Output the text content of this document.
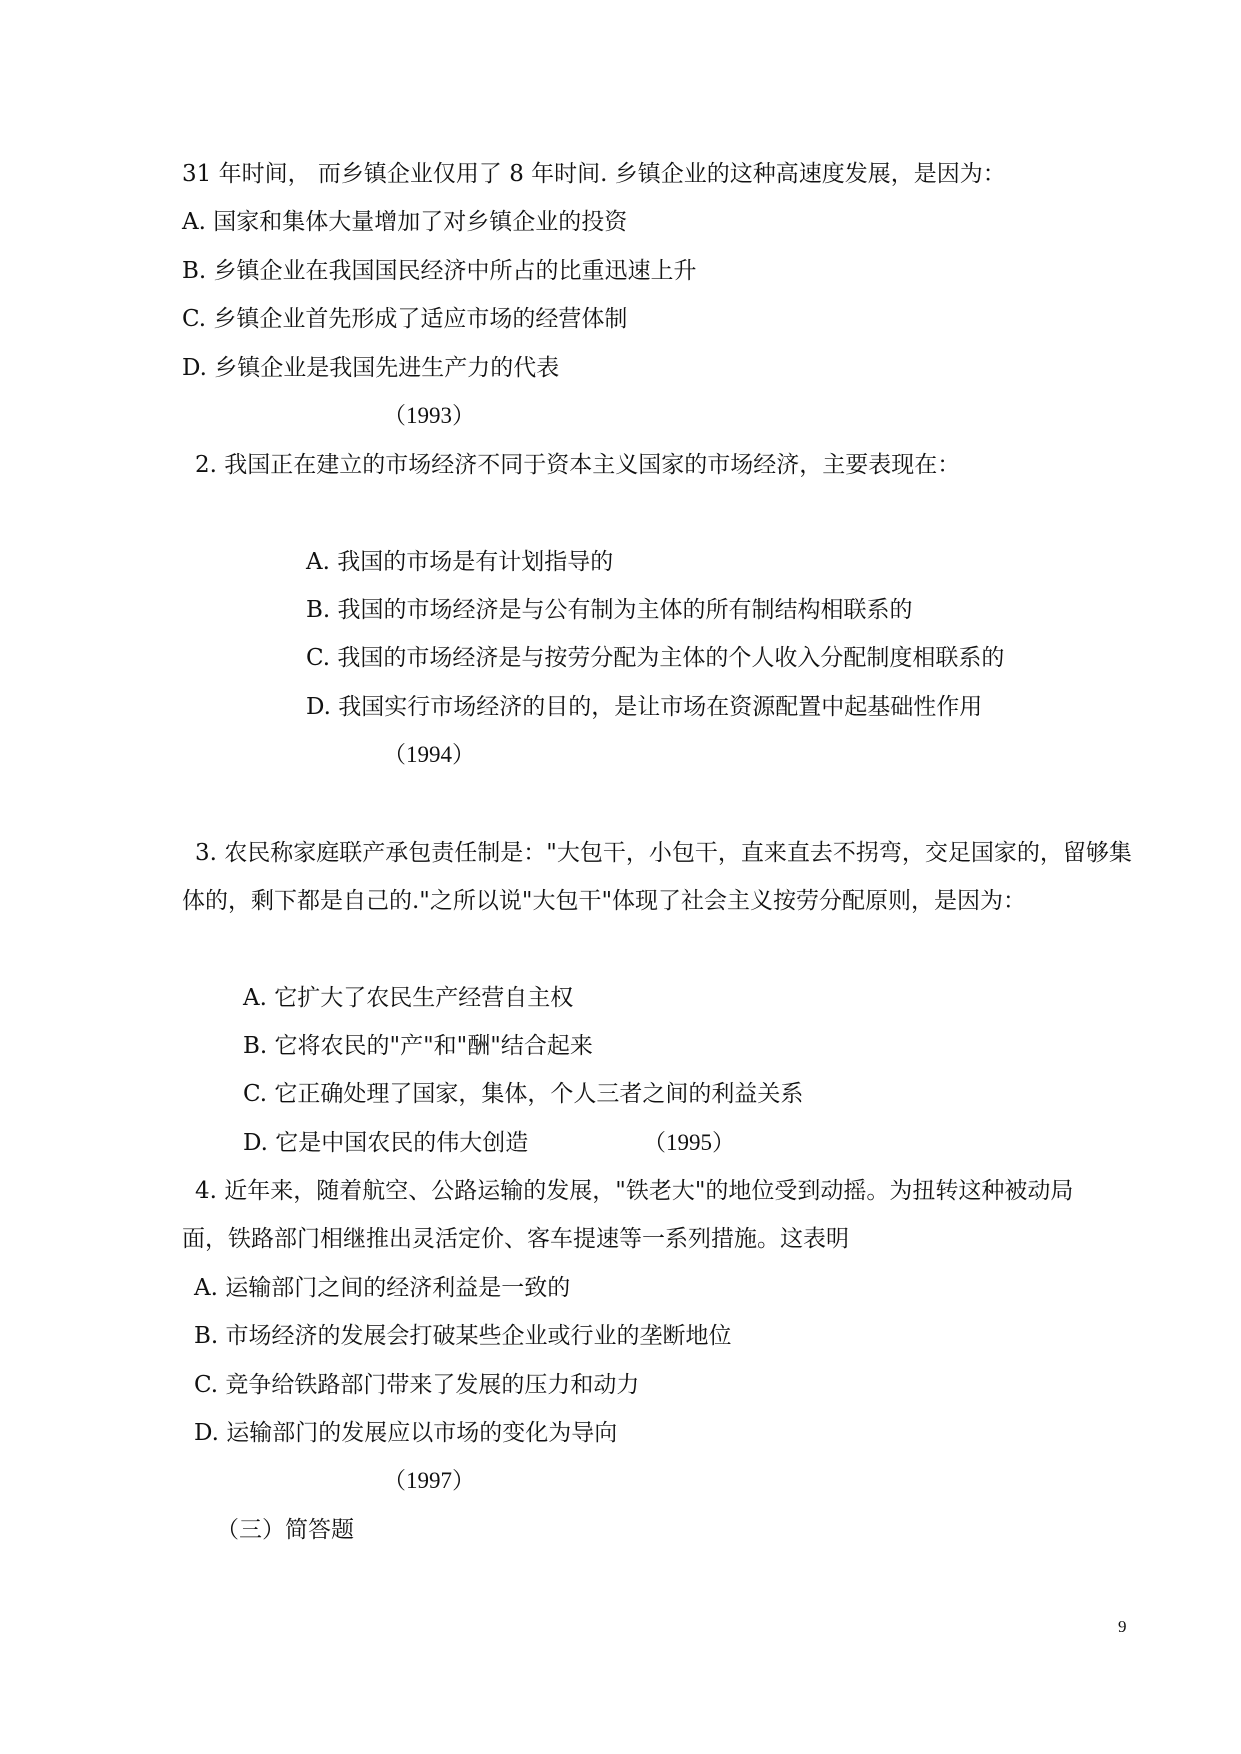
31 年时间， 而乡镇企业仅用了 8 年时间. 乡镇企业的这种高速度发展，是因为：

A. 国家和集体大量增加了对乡镇企业的投资

B. 乡镇企业在我国国民经济中所占的比重迅速上升

C. 乡镇企业首先形成了适应市场的经营体制

D. 乡镇企业是我国先进生产力的代表

（1993）

2. 我国正在建立的市场经济不同于资本主义国家的市场经济，主要表现在：

A. 我国的市场是有计划指导的

B. 我国的市场经济是与公有制为主体的所有制结构相联系的

C. 我国的市场经济是与按劳分配为主体的个人收入分配制度相联系的

D. 我国实行市场经济的目的，是让市场在资源配置中起基础性作用

（1994）

3. 农民称家庭联产承包责任制是："大包干，小包干，直来直去不拐弯，交足国家的，留够集

体的，剩下都是自己的."之所以说"大包干"体现了社会主义按劳分配原则，是因为：

A. 它扩大了农民生产经营自主权

B. 它将农民的"产"和"酬"结合起来

C. 它正确处理了国家，集体，个人三者之间的利益关系

D. 它是中国农民的伟大创造	（1995）

4. 近年来，随着航空、公路运输的发展，"铁老大"的地位受到动摇。为扭转这种被动局

面，铁路部门相继推出灵活定价、客车提速等一系列措施。这表明

A. 运输部门之间的经济利益是一致的

B. 市场经济的发展会打破某些企业或行业的垄断地位

C. 竞争给铁路部门带来了发展的压力和动力

D. 运输部门的发展应以市场的变化为导向

（1997）

（三）简答题

9
